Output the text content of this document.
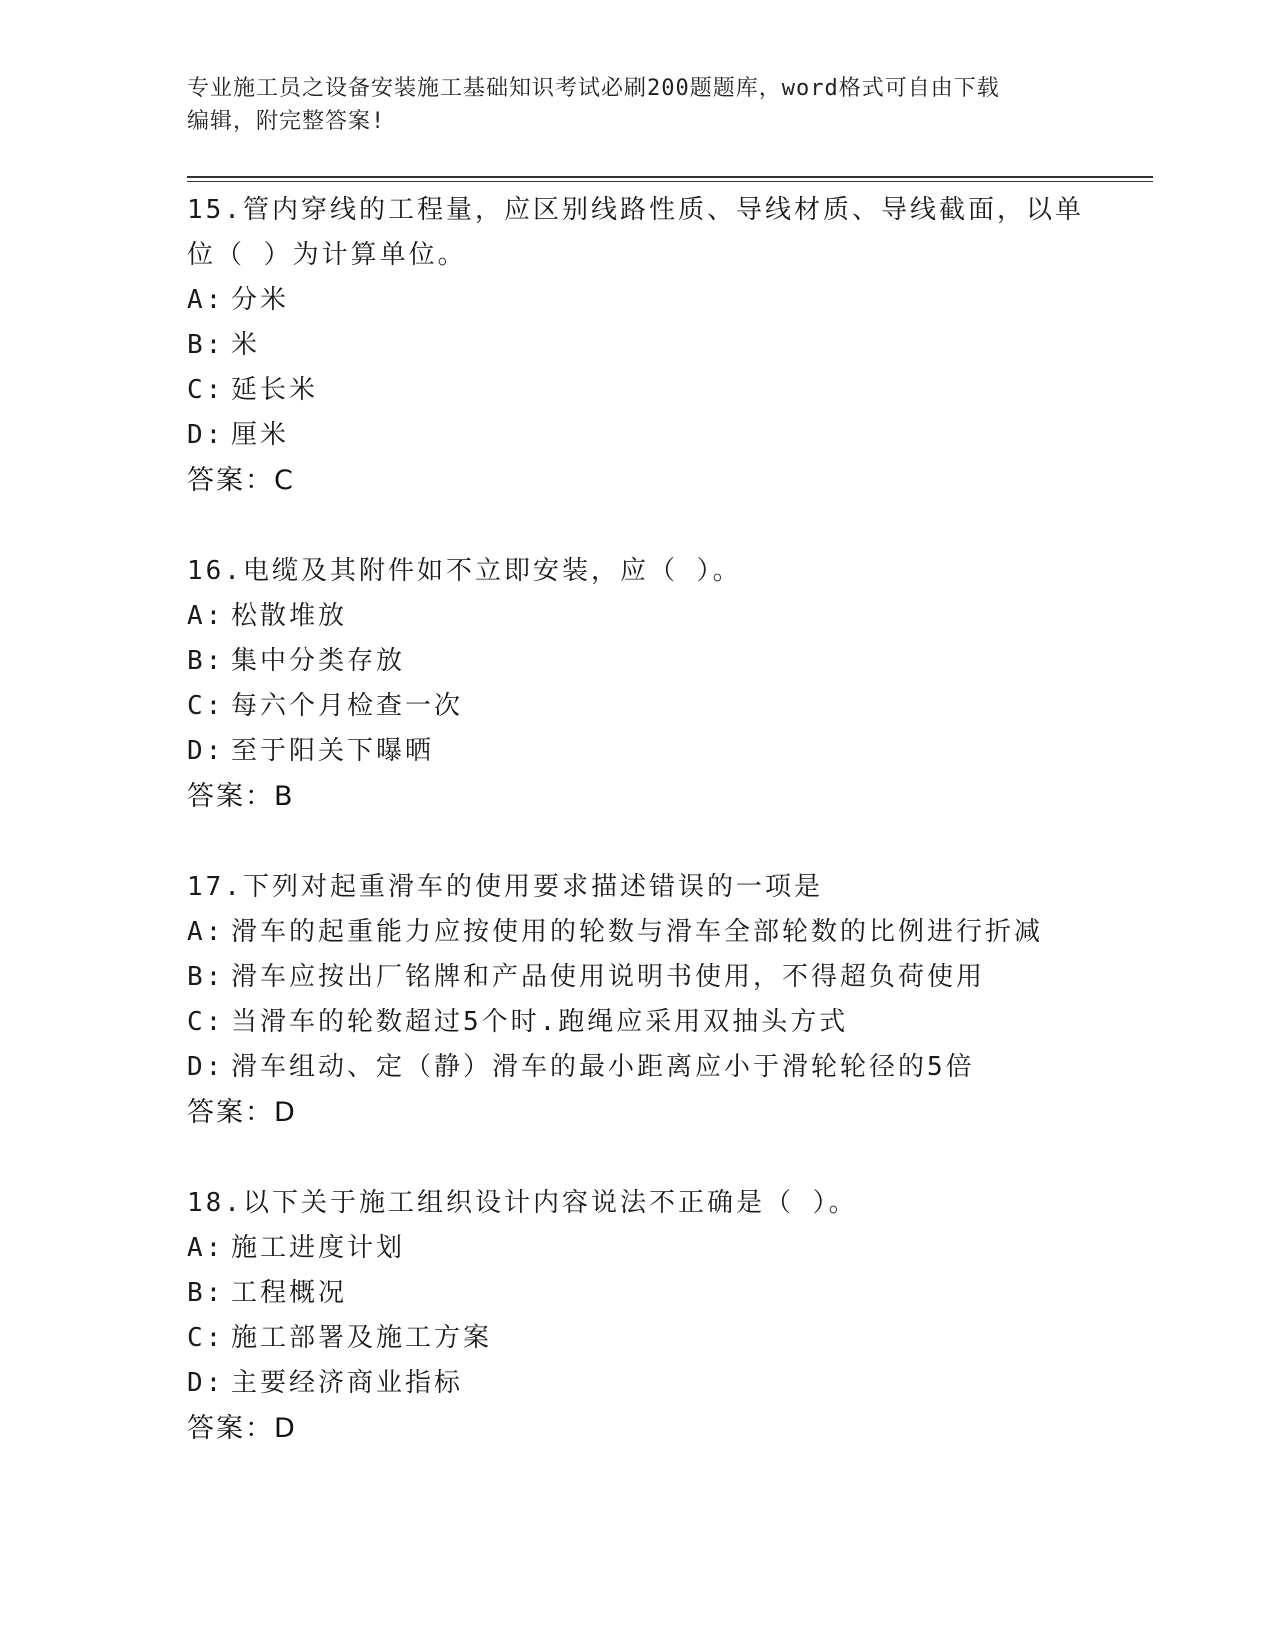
专业施工员之设备安装施工基础知识考试必刷200题题库，word格式可自由下载
编辑，附完整答案!

15.管内穿线的工程量，应区别线路性质、导线材质、导线截面，以单位（ ）为计算单位。

A: 分米

B: 米

C: 延长米

D: 厘米

答案：C

16.电缆及其附件如不立即安装，应（ ）。

A: 松散堆放

B: 集中分类存放

C: 每六个月检查一次

D: 至于阳关下曝晒

答案：B

17.下列对起重滑车的使用要求描述错误的一项是

A: 滑车的起重能力应按使用的轮数与滑车全部轮数的比例进行折减

B: 滑车应按出厂铭牌和产品使用说明书使用，不得超负荷使用

C: 当滑车的轮数超过5个时.跑绳应采用双抽头方式

D: 滑车组动、定（静）滑车的最小距离应小于滑轮轮径的5倍

答案：D

18.以下关于施工组织设计内容说法不正确是（ ）。

A: 施工进度计划

B: 工程概况

C: 施工部署及施工方案

D: 主要经济商业指标

答案：D
